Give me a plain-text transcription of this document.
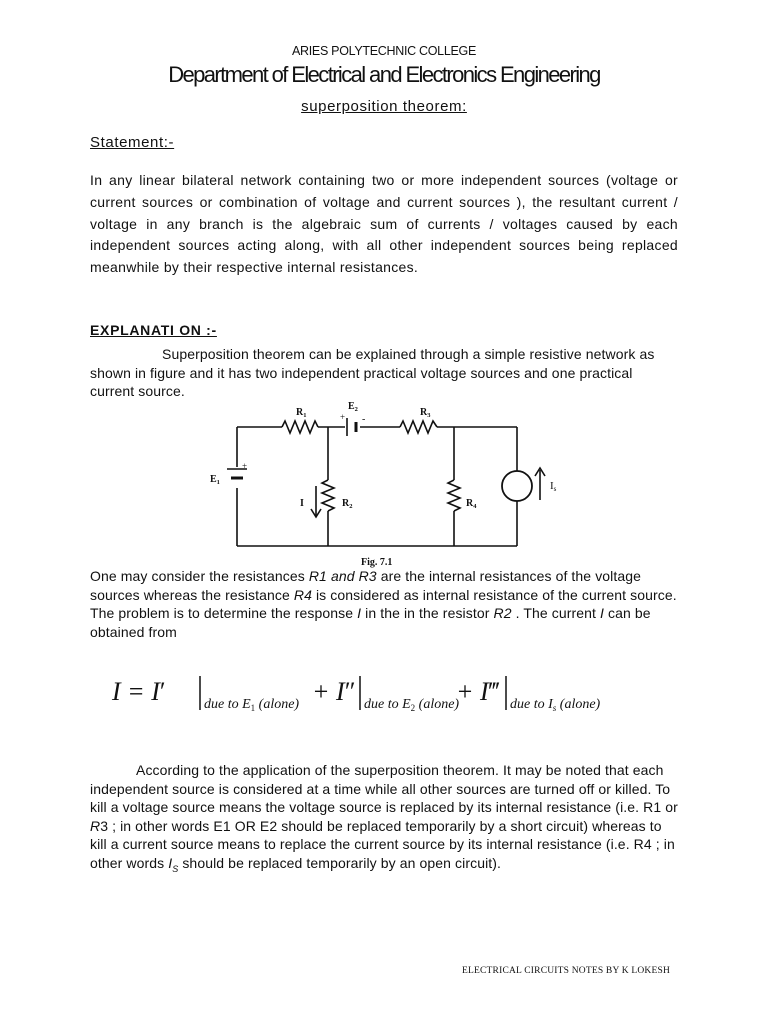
ARIES POLYTECHNIC COLLEGE
Department of Electrical and Electronics Engineering
superposition theorem:
Statement:-
In any linear bilateral network containing two or more independent sources (voltage or current sources or combination of voltage and current sources ), the resultant current / voltage in any branch is the algebraic sum of currents / voltages caused by each independent sources acting along, with all other independent sources being replaced meanwhile by their respective internal resistances.
EXPLANATI ON :-
Superposition theorem can be explained through a simple resistive network as shown in figure and it has two independent practical voltage sources and one practical current source.
$R_1$
$E_2$
+ -
$R_3$
$E_1$
+
I	$R_2$	$R_4$
Is
Fig. 7.1
One may consider the resistances R1 and R3 are the internal resistances of the voltage sources whereas the resistance R4 is considered as internal resistance of the current source. The problem is to determine the response I in the in the resistor R2 . The current I can be obtained from
I = I′	due to $E_1$ (alone) + I″ due to $E_2$ (alone)
+ I‴ due to $I_s$ (alone)
According to the application of the superposition theorem. It may be noted that each independent source is considered at a time while all other sources are turned off or killed. To kill a voltage source means the voltage source is replaced by its internal resistance (i.e. R1 or R3 ; in other words E1 OR E2 should be replaced temporarily by a short circuit) whereas to kill a current source means to replace the current source by its internal resistance (i.e. R4 ; in other words $I_S$ should be replaced temporarily by an open circuit).
ELECTRICAL CIRCUITS NOTES BY K LOKESH
